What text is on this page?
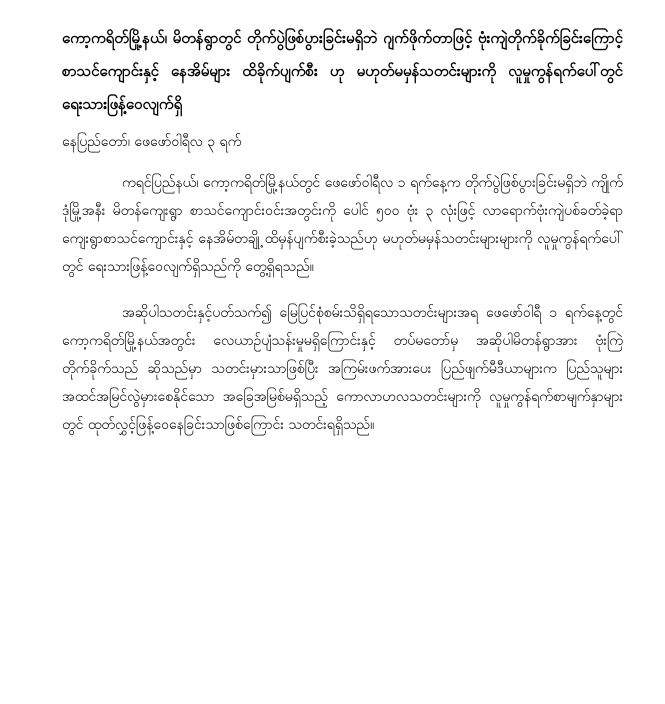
ကော့ကရိတ်မြို့နယ်၊ မိတန်ရွာတွင် တိုက်ပွဲဖြစ်ပွားခြင်းမရှိဘဲ ဂျက်ဖိုက်တာဖြင့် ဗုံးကျဲတိုက်ခိုက်ခြင်းကြောင့် စာသင်ကျောင်းနှင့် နေအိမ်များ ထိခိုက်ပျက်စီး ဟု မဟုတ်မမှန်သတင်းများကို လူမှုကွန်ရက်ပေါ်တွင် ရေးသားဖြန့်ဝေလျက်ရှိ

နေပြည်တော်၊ ဖေဖော်ဝါရီလ ၃ ရက်

ကရင်ပြည်နယ်၊ ကော့ကရိတ်မြို့နယ်တွင် ဖေဖော်ဝါရီလ ၁ ရက်နေ့က တိုက်ပွဲဖြစ်ပွားခြင်းမရှိဘဲ ကျိုက်ဒုံမြို့အနီး မိတန်ကျေးရွာ စာသင်ကျောင်းဝင်းအတွင်းကို ပေါင် ၅၀၀ ဗုံး ၃ လုံးဖြင့် လာရောက်ဗုံးကျဲပစ်ခတ်ခဲ့ရာ ကျေးရွာစာသင်ကျောင်းနှင့် နေအိမ်တချို့ ထိမှန်ပျက်စီးခဲ့သည်ဟု မဟုတ်မမှန်သတင်းများများကို လူမှုကွန်ရက်ပေါ်တွင် ရေးသားဖြန့်ဝေလျက်ရှိသည်ကို တွေ့ရှိရသည်။

အဆိုပါသတင်းနှင့်ပတ်သက်၍ မြေပြင်စုံစမ်းသိရှိရသောသတင်းများအရ ဖေဖော်ဝါရီ ၁ ရက်နေ့တွင် ကော့ကရိတ်မြို့နယ်အတွင်း လေယာဉ်ပျံသန်းမှုမရှိကြောင်းနှင့် တပ်မတော်မှ အဆိုပါမိတန်ရွာအား ဗုံးကြဲတိုက်ခိုက်သည် ဆိုသည်မှာ သတင်းမှားသာဖြစ်ပြီး အကြမ်းဖက်အားပေး ပြည်ဖျက်မီဒီယာများက ပြည်သူများ အထင်အမြင်လွဲမှားစေနိုင်သော အခြေအမြစ်မရှိသည့် ကောလာဟလသတင်းများကို လူမှုကွန်ရက်စာမျက်နှာများတွင် ထုတ်လွှင့်ဖြန့်ဝေနေခြင်းသာဖြစ်ကြောင်း သတင်းရရှိသည်။
